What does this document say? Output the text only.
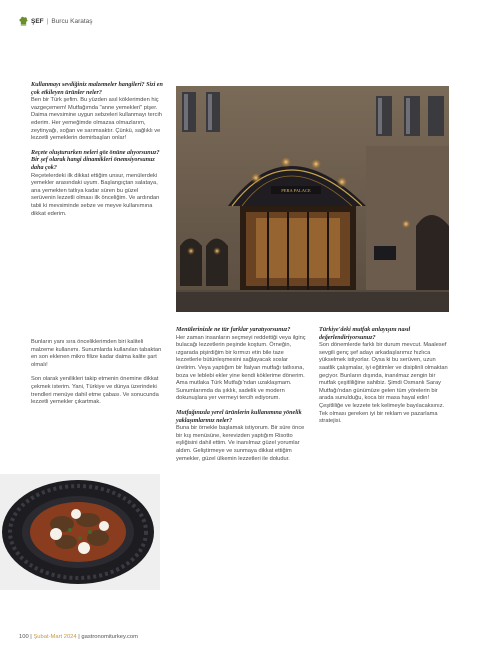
ŞEF | Burcu Karataş
Kullanmayı sevdiğiniz malzemeler hangileri? Sizi en çok etkileyen ürünler neler?
Ben bir Türk şefim. Bu yüzden asıl köklerimden hiç vazgeçemem! Mutfağımda "anne yemekleri" pişer. Daima mevsimine uygun sebzeleri kullanmayı tercih ederim. Her yemeğimde olmazsa olmazlarım, zeytinyağı, soğan ve sarımsaktır. Çünkü, sağlıklı ve lezzetli yemeklerin demirbaşları onlar!
Reçete oluştururken neleri göz önüne alıyorsunuz? Bir şef olarak hangi dinamikleri önemsiyorsunuz daha çok?
Reçetelerdeki ilk dikkat ettiğim unsur, menülerdeki yemekler arasındaki uyum. Başlangıçtan salataya, ana yemekten tatlıya kadar süren bu güzel serüvenin lezzetli olması ilk önceliğim. Ve ardından tabii ki mevsiminde sebze ve meyve kullanımına dikkat ederim.
Bunların yanı sıra önceliklerimden biri kaliteli malzeme kullanımı. Sunumlarda kullanılan tabaktan en son eklenen mikro filize kadar daima kalite şart olmalı!
Son olarak yenilikleri takip etmenin önemine dikkat çekmek isterim. Yani, Türkiye ve dünya üzerindeki trendleri menüye dahil etme çabası. Ve sonucunda lezzetli yemekler çıkartmak.
PERA PALACE
Menülerinizde ne tür farklar yaratıyorsunuz?
Her zaman insanların seçmeyi reddettiği veya ilginç bulacağı lezzetlerin peşinde koştum. Örneğin, ızgarada pişirdiğim bir kırmızı etin bile taze lezzetlerle bütünleşmesini sağlayacak soslar üretirim. Veya yaptığım bir İtalyan mutfağı tatlısına, boza ve leblebi ekler yine kendi köklerime dönerim. Ama mutlaka Türk Mutfağı'ndan uzaklaşmam. Sunumlarımda da şıklık, sadelik ve modern dokunuşlara yer vermeyi tercih ediyorum.
Mutfağınızda yerel ürünlerin kullanımına yönelik yaklaşımlarınız neler?
Buna bir örnekle başlamak istiyorum. Bir süre önce bir kış menüsüne, kerevizden yaptığım Risotto eşliğisini dahil ettim. Ve inanılmaz güzel yorumlar aldım. Geliştirmeye ve sunmaya dikkat ettiğim yemekler, güzel ülkemin lezzetleri ile doludur.
Türkiye'deki mutfak anlayışını nasıl değerlendiriyorsunuz?
Son dönemlerde farklı bir durum mevcut. Maalesef sevgili genç şef adayı arkadaşlarımız hızlıca yükselmek istiyorlar. Oysa ki bu serüven, uzun saatlik çalışmalar, iyi eğitimler ve disiplinli olmaktan geçiyor. Bunların dışında, inanılmaz zengin bir mutfak çeşitliliğine sahibiz. Şimdi Osmanlı Saray Mutfağı'ndan günümüze gelen tüm yörelerin bir arada sunulduğu, koca bir masa hayal edin! Çeşitliliğe ve lezzete tek kelimeyle bayılacaksınız. Tek olması gereken iyi bir reklam ve pazarlama stratejisi.
100 | Şubat-Mart 2024 | gastronomiturkey.com
